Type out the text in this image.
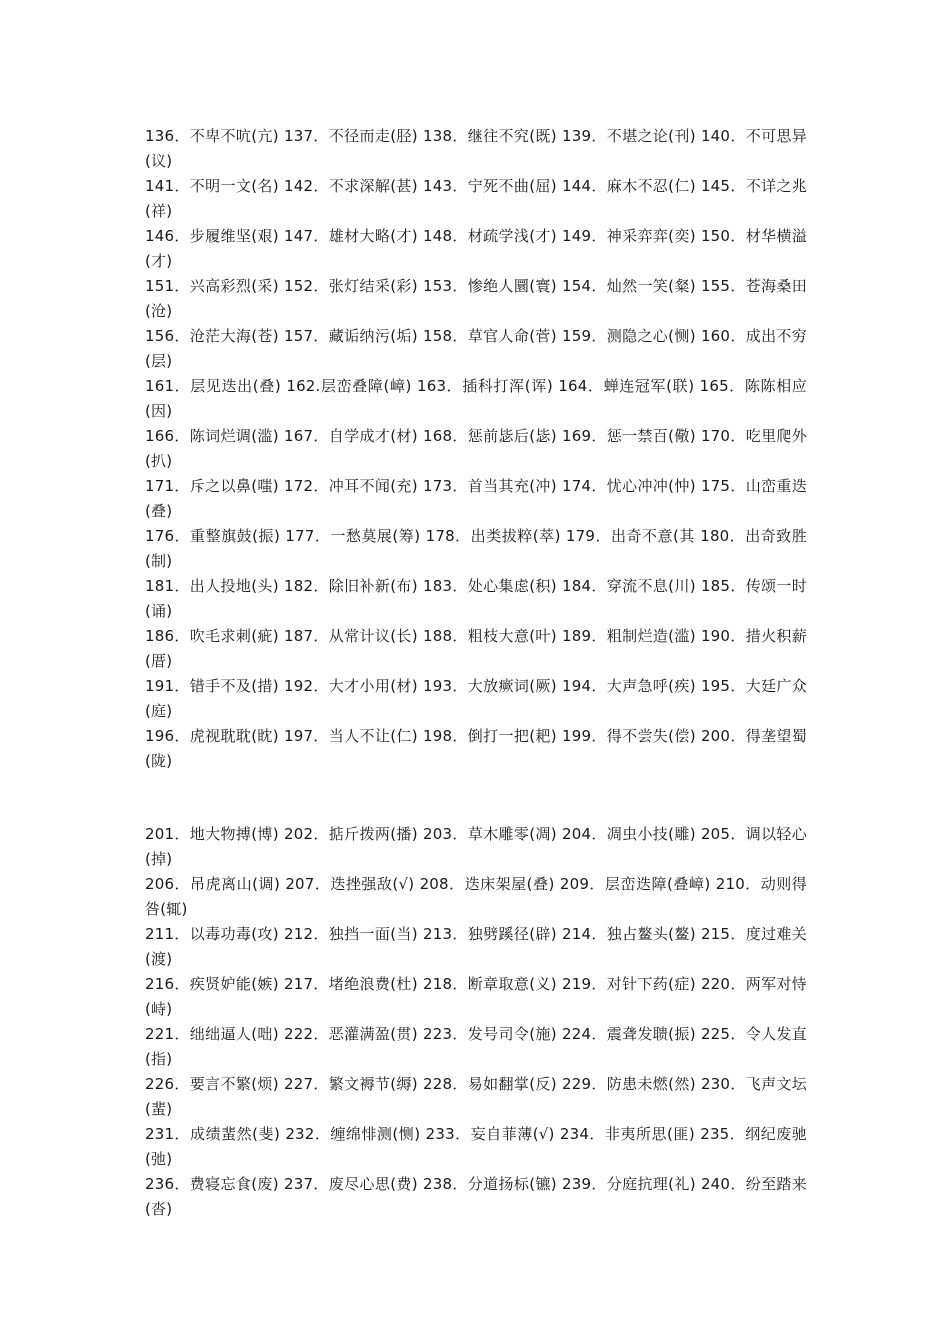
136．不卑不吭(亢) 137．不径而走(胫) 138．继往不究(既) 139．不堪之论(刊) 140．不可思异(议)

141．不明一文(名) 142．不求深解(甚) 143．宁死不曲(屈) 144．麻木不忍(仁) 145．不详之兆(祥)

146．步履维坚(艰) 147．雄材大略(才) 148．材疏学浅(才) 149．神采弈弈(奕) 150．材华横溢(才)

151．兴高彩烈(采) 152．张灯结采(彩) 153．惨绝人圜(寰) 154．灿然一笑(粲) 155．苍海桑田(沧)

156．沧茫大海(苍) 157．藏诟纳污(垢) 158．草官人命(菅) 159．测隐之心(恻) 160．成出不穷(层)

161．层见迭出(叠) 162.层峦叠障(嶂) 163．插科打浑(诨) 164．蝉连冠军(联) 165．陈陈相应(因)

166．陈词烂调(滥) 167．自学成才(材) 168．惩前毖后(毖) 169．惩一禁百(儆) 170．吃里爬外(扒)

171．斥之以鼻(嗤) 172．冲耳不闻(充) 173．首当其充(冲) 174．忧心冲冲(忡) 175．山峦重迭(叠)

176．重整旗鼓(振) 177．一愁莫展(筹) 178．出类拔粹(萃) 179．出奇不意(其 180．出奇致胜(制)

181．出人投地(头) 182．除旧补新(布) 183．处心集虑(积) 184．穿流不息(川) 185．传颂一时(诵)

186．吹毛求刺(疵) 187．从常计议(长) 188．粗枝大意(叶) 189．粗制烂造(滥) 190．措火积薪(厝)

191．错手不及(措) 192．大才小用(材) 193．大放瘚词(厥) 194．大声急呼(疾) 195．大廷广众(庭)

196．虎视耽耽(眈) 197．当人不让(仁) 198．倒打一把(耙) 199．得不尝失(偿) 200．得垄望蜀(陇)

201．地大物搏(博) 202．掂斤拨两(播) 203．草木雕零(凋) 204．凋虫小技(雕) 205．调以轻心(掉)

206．吊虎离山(调) 207．迭挫强敌(√) 208．迭床架屋(叠) 209．层峦迭障(叠嶂) 210．动则得咎(辄)

211．以毒功毒(攻) 212．独挡一面(当) 213．独劈蹊径(辟) 214．独占鳌头(鳌) 215．度过难关(渡)

216．疾贤妒能(嫉) 217．堵绝浪费(杜) 218．断章取意(义) 219．对针下药(症) 220．两军对恃(峙)

221．绌绌逼人(咄) 222．恶灌满盈(贯) 223．发号司令(施) 224．震聋发聩(振) 225．令人发直(指)

226．要言不繁(烦) 227．繁文褥节(缛) 228．易如翻掌(反) 229．防患未燃(然) 230．飞声文坛(蜚)

231．成绩蜚然(斐) 232．缠绵悱测(恻) 233．妄自菲薄(√) 234．非夷所思(匪) 235．纲纪废驰(弛)

236．费寝忘食(废) 237．废尽心思(费) 238．分道扬标(镳) 239．分庭抗理(礼) 240．纷至踏来(沓)
